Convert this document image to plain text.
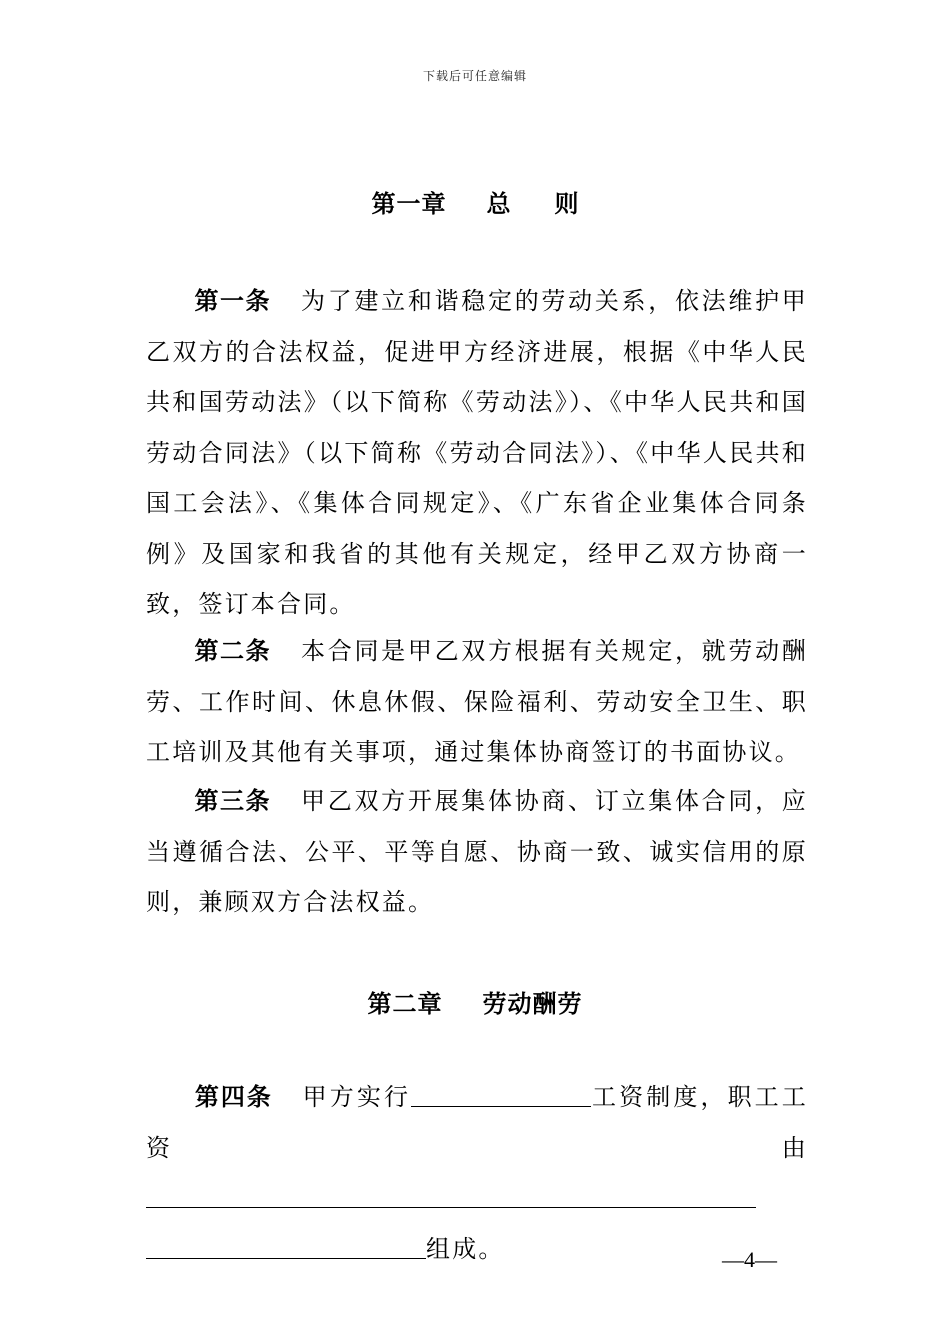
下载后可任意编辑
第一章 总则
第一条 为了建立和谐稳定的劳动关系，依法维护甲乙双方的合法权益，促进甲方经济进展，根据《中华人民共和国劳动法》（以下简称《劳动法》）、《中华人民共和国劳动合同法》（以下简称《劳动合同法》）、《中华人民共和国工会法》、《集体合同规定》、《广东省企业集体合同条例》及国家和我省的其他有关规定，经甲乙双方协商一致，签订本合同。
第二条 本合同是甲乙双方根据有关规定，就劳动酬劳、工作时间、休息休假、保险福利、劳动安全卫生、职工培训及其他有关事项，通过集体协商签订的书面协议。
第三条 甲乙双方开展集体协商、订立集体合同，应当遵循合法、公平、平等自愿、协商一致、诚实信用的原则，兼顾双方合法权益。
第二章 劳动酬劳
第四条 甲方实行	工资制度，职工工资由组成。	—4—
